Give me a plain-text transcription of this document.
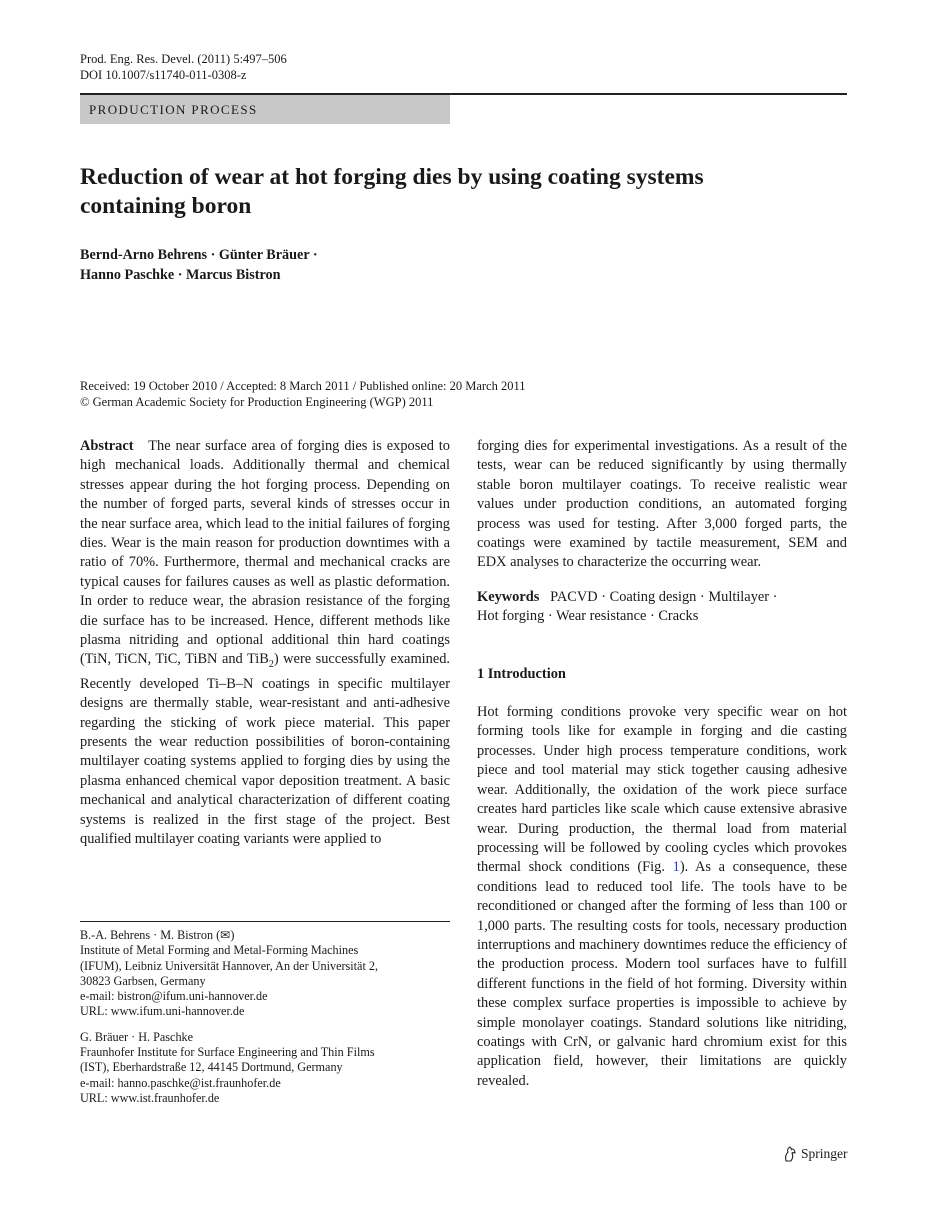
Prod. Eng. Res. Devel. (2011) 5:497–506
DOI 10.1007/s11740-011-0308-z
PRODUCTION PROCESS
Reduction of wear at hot forging dies by using coating systems
containing boron
Bernd-Arno Behrens · Günter Bräuer ·
Hanno Paschke · Marcus Bistron
Received: 19 October 2010 / Accepted: 8 March 2011 / Published online: 20 March 2011
© German Academic Society for Production Engineering (WGP) 2011

Abstract The near surface area of forging dies is exposed to high mechanical loads. Additionally thermal and chemical stresses appear during the hot forging process. Depending on the number of forged parts, several kinds of stresses occur in the near surface area, which lead to the initial failures of forging dies. Wear is the main reason for production downtimes with a ratio of 70%. Furthermore, thermal and mechanical cracks are typical causes for failures causes as well as plastic deformation. In order to reduce wear, the abrasion resistance of the forging die surface has to be increased. Hence, different methods like plasma nitriding and optional additional thin hard coatings (TiN, TiCN, TiC, TiBN and TiB$_2$) were successfully examined. Recently developed Ti–B–N coatings in specific multilayer designs are thermally stable, wear-resistant and anti-adhesive regarding the sticking of work piece material. This paper presents the wear reduction possibilities of boron-containing multilayer coating systems applied to forging dies by using the plasma enhanced chemical vapor deposition treatment. A basic mechanical and analytical characterization of different coating systems is realized in the first stage of the project. Best qualified multilayer coating variants were applied to

forging dies for experimental investigations. As a result of the tests, wear can be reduced significantly by using thermally stable boron multilayer coatings. To receive realistic wear values under production conditions, an automated forging process was used for testing. After 3,000 forged parts, the coatings were examined by tactile measurement, SEM and EDX analyses to characterize the occurring wear.

Keywords PACVD · Coating design · Multilayer ·
Hot forging · Wear resistance · Cracks

1 Introduction

Hot forming conditions provoke very specific wear on hot forming tools like for example in forging and die casting processes. Under high process temperature conditions, work piece and tool material may stick together causing adhesive wear. Additionally, the oxidation of the work piece surface creates hard particles like scale which cause extensive abrasive wear. During production, the thermal load from material processing will be followed by cooling cycles which provokes thermal shock conditions (Fig. 1). As a consequence, these conditions lead to reduced tool life. The tools have to be reconditioned or changed after the forming of less than 100 or 1,000 parts. The resulting costs for tools, necessary production interruptions and machinery downtimes reduce the efficiency of the production process. Modern tool surfaces have to fulfill different functions in the field of hot forming. Diversity within these complex surface properties is impossible to achieve by simple monolayer coatings. Standard solutions like nitriding, coatings with CrN, or galvanic hard chromium exist for this application field, however, their limitations are quickly revealed.

B.-A. Behrens · M. Bistron (✉)

Institute of Metal Forming and Metal-Forming Machines

(IFUM), Leibniz Universität Hannover, An der Universität 2,

30823 Garbsen, Germany

e-mail: bistron@ifum.uni-hannover.de

URL: www.ifum.uni-hannover.de

G. Bräuer · H. Paschke

Fraunhofer Institute for Surface Engineering and Thin Films

(IST), Eberhardstraße 12, 44145 Dortmund, Germany

e-mail: hanno.paschke@ist.fraunhofer.de

URL: www.ist.fraunhofer.de

Springer
